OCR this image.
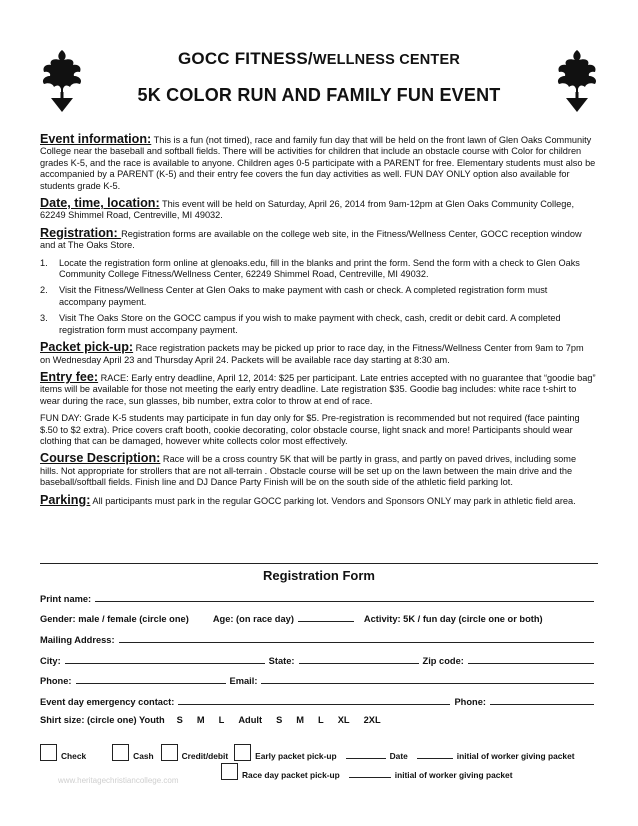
GOCC FITNESS/WELLNESS CENTER
5K COLOR RUN AND FAMILY FUN EVENT

Event information: This is a fun (not timed), race and family fun day that will be held on the front lawn of Glen Oaks Community College near the baseball and softball fields. There will be activities for children that include an obstacle course with Color for children grades K-5, and the race is available to anyone. Children ages 0-5 participate with a PARENT for free. Elementary students must also be accompanied by a PARENT (K-5) and their entry fee covers the fun day activities as well. FUN DAY ONLY option also available for students grade K-5.

Date, time, location: This event will be held on Saturday, April 26, 2014 from 9am-12pm at Glen Oaks Community College, 62249 Shimmel Road, Centreville, MI 49032.

Registration: Registration forms are available on the college web site, in the Fitness/Wellness Center, GOCC reception window and at The Oaks Store.

1. Locate the registration form online at glenoaks.edu, fill in the blanks and print the form. Send the form with a check to Glen Oaks Community College Fitness/Wellness Center, 62249 Shimmel Road, Centreville, MI 49032.
2. Visit the Fitness/Wellness Center at Glen Oaks to make payment with cash or check. A completed registration form must accompany payment.
3. Visit The Oaks Store on the GOCC campus if you wish to make payment with check, cash, credit or debit card. A completed registration form must accompany payment.

Packet pick-up: Race registration packets may be picked up prior to race day, in the Fitness/Wellness Center from 9am to 7pm on Wednesday April 23 and Thursday April 24. Packets will be available race day starting at 8:30 am.

Entry fee: RACE: Early entry deadline, April 12, 2014: $25 per participant. Late entries accepted with no guarantee that “goodie bag” items will be available for those not meeting the early entry deadline. Late registration $35. Goodie bag includes: white race t-shirt to wear during the race, sun glasses, bib number, extra color to throw at end of race.

FUN DAY: Grade K-5 students may participate in fun day only for $5. Pre-registration is recommended but not required (face painting $.50 to $2 extra). Price covers craft booth, cookie decorating, color obstacle course, light snack and more! Participants should wear clothing that can be damaged, however white collects color most effectively.

Course Description: Race will be a cross country 5K that will be partly in grass, and partly on paved drives, including some hills. Not appropriate for strollers that are not all-terrain . Obstacle course will be set up on the lawn between the main drive and the baseball/softball fields. Finish line and DJ Dance Party Finish will be on the south side of the athletic field parking lot.

Parking: All participants must park in the regular GOCC parking lot. Vendors and Sponsors ONLY may park in athletic field area.

Registration Form
Print name:
Gender: male / female (circle one)	Age: (on race day)	Activity: 5K / fun day (circle one or both)
Mailing Address:
City:	State:	Zip code:
Phone:	Email:
Event day emergency contact:	Phone:
Shirt size: (circle one) Youth S M L Adult S M L XL 2XL
Check	Cash	Credit/debit	Early packet pick-up	Date	initial of worker giving packet
Race day packet pick-up	initial of worker giving packet
www.heritagechristiancollege.com
